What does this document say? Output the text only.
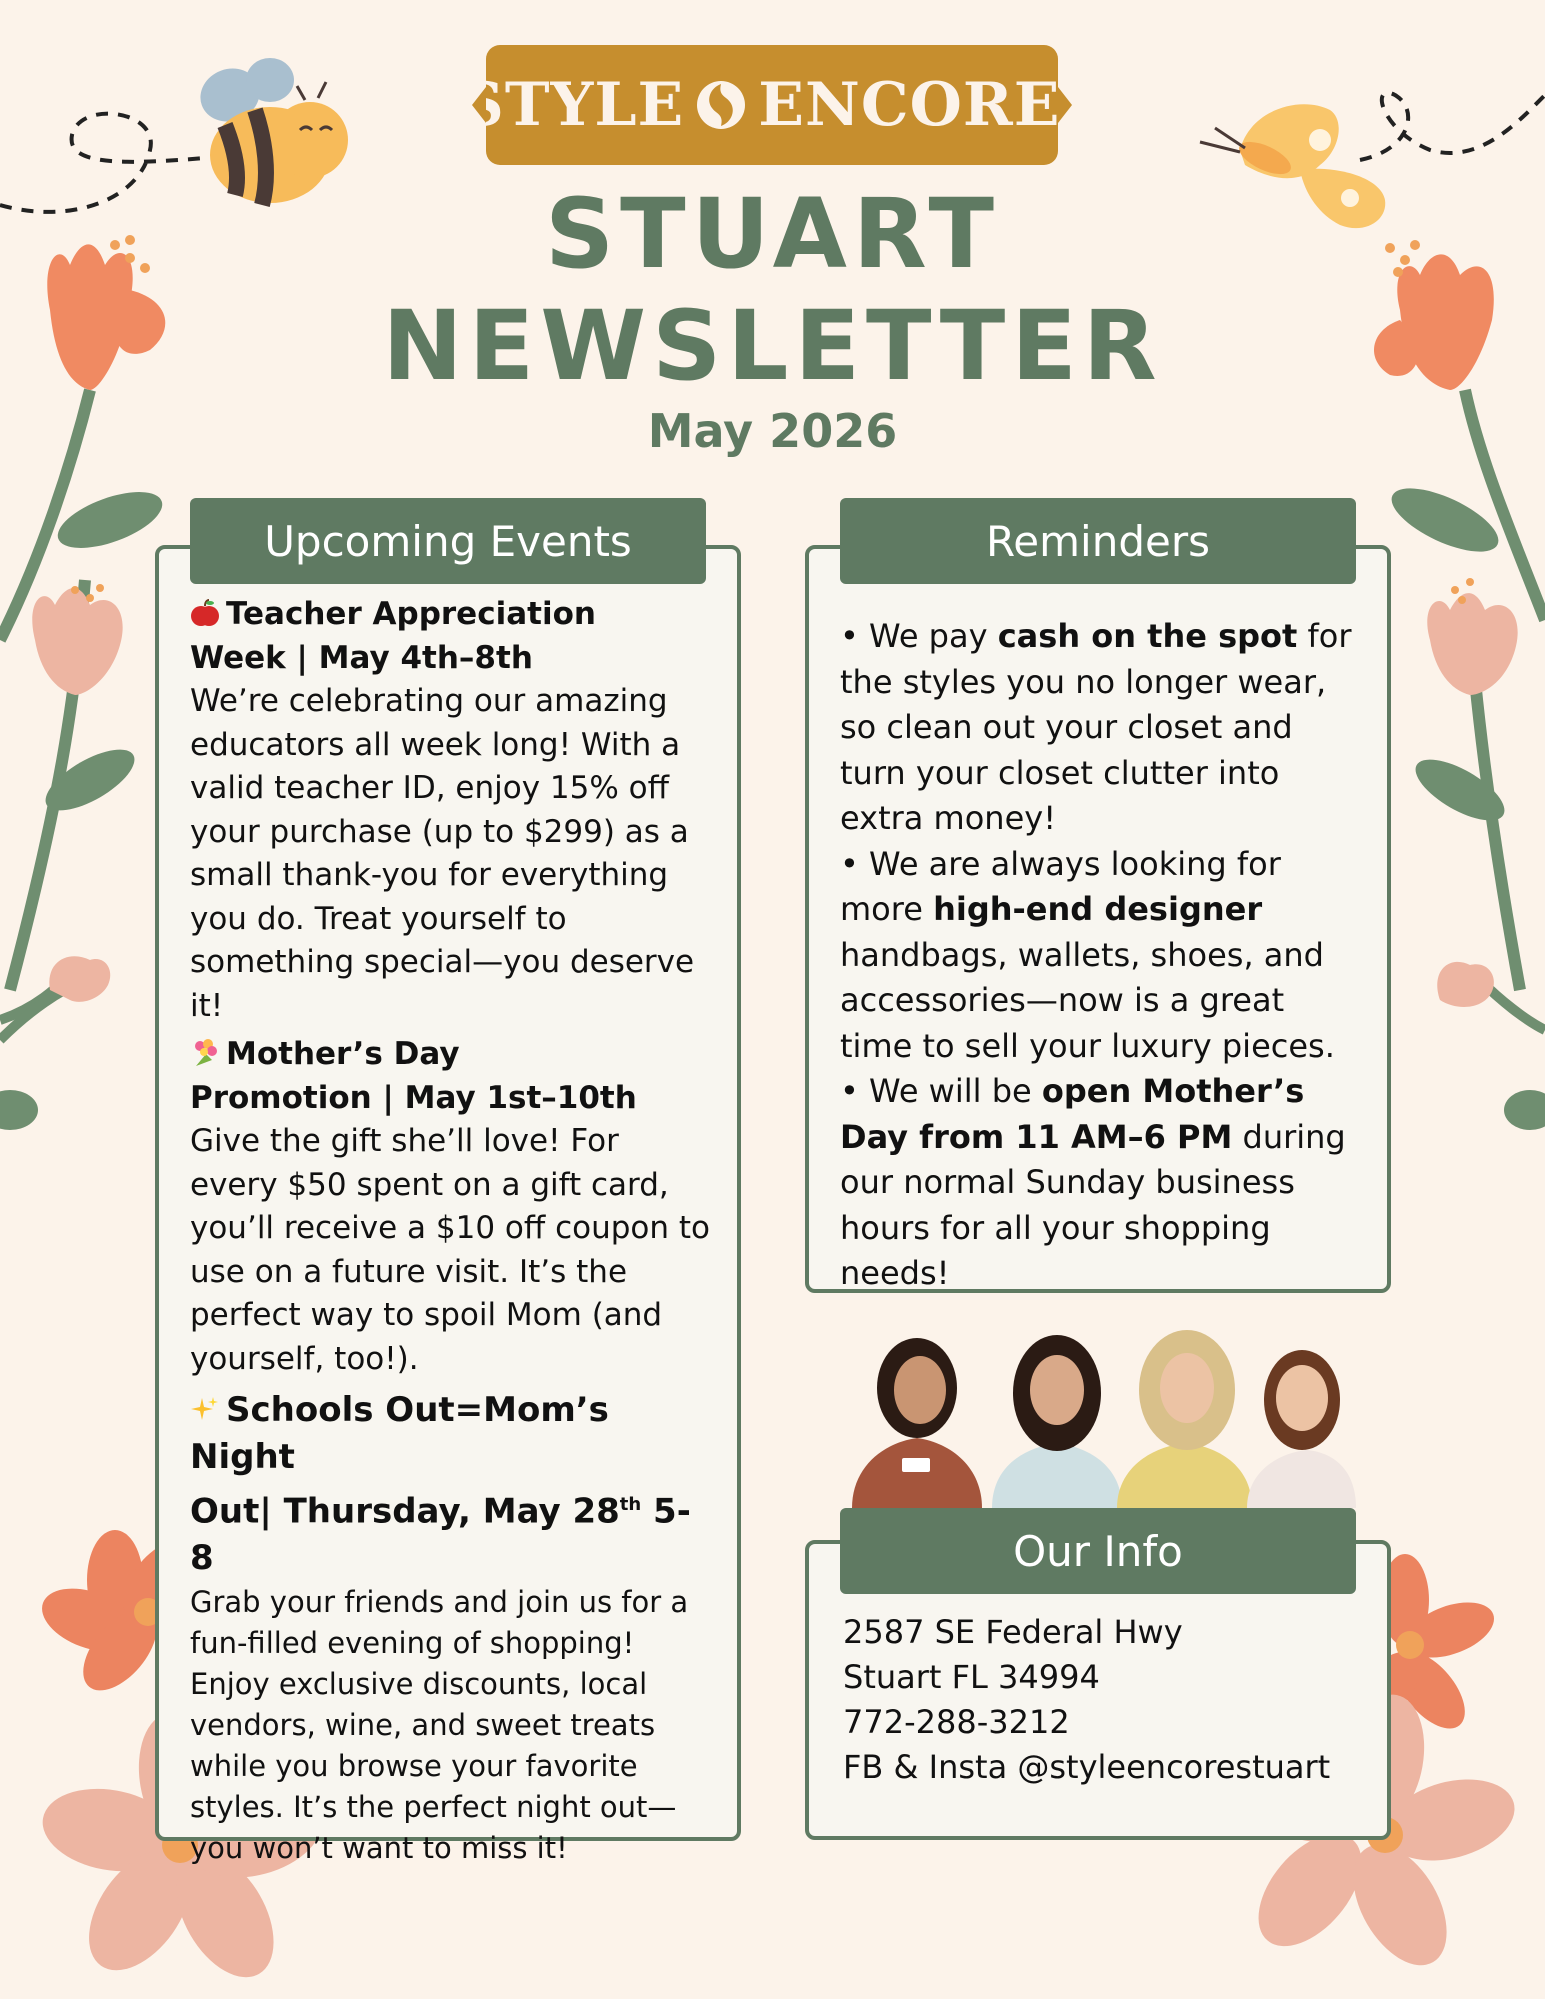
STYLE ENCORE ®
STUART
NEWSLETTER
May 2026
Upcoming Events
Teacher Appreciation
Week | May 4th–8th
We’re celebrating our amazing educators all week long! With a valid teacher ID, enjoy 15% off your purchase (up to $299) as a small thank-you for everything you do. Treat yourself to something special—you deserve it!
Mother’s Day
Promotion | May 1st–10th
Give the gift she’ll love! For every $50 spent on a gift card, you’ll receive a $10 off coupon to use on a future visit. It’s the perfect way to spoil Mom (and yourself, too!).
Schools Out=Mom’s Night
Out| Thursday, May 28th 5-8
Grab your friends and join us for a fun-filled evening of shopping! Enjoy exclusive discounts, local vendors, wine, and sweet treats while you browse your favorite styles. It’s the perfect night out—you won’t want to miss it!
Reminders
• We pay cash on the spot for the styles you no longer wear, so clean out your closet and turn your closet clutter into extra money!
• We are always looking for more high-end designer handbags, wallets, shoes, and accessories—now is a great time to sell your luxury pieces.
• We will be open Mother’s Day from 11 AM–6 PM during our normal Sunday business hours for all your shopping needs!
Our Info
2587 SE Federal Hwy
Stuart FL 34994
772-288-3212
FB & Insta @styleencorestuart
